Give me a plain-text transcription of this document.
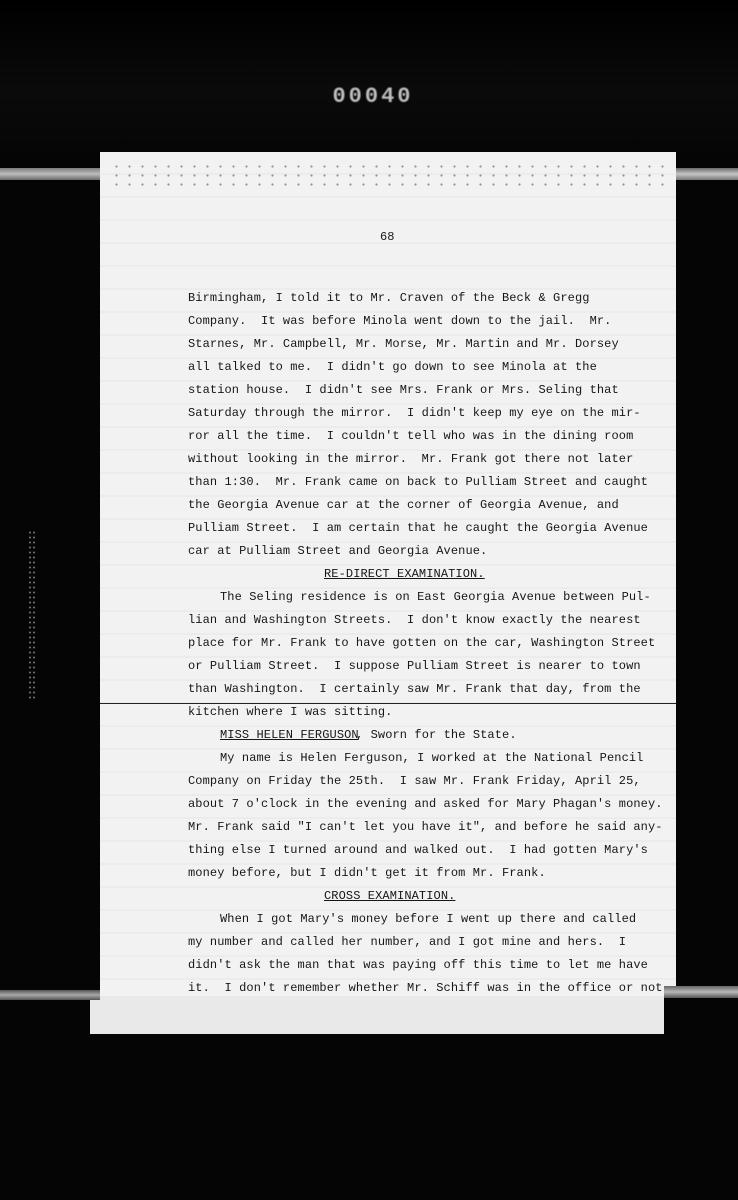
00040
68
Birmingham, I told it to Mr. Craven of the Beck & Gregg
Company.  It was before Minola went down to the jail.  Mr.
Starnes, Mr. Campbell, Mr. Morse, Mr. Martin and Mr. Dorsey
all talked to me.  I didn't go down to see Minola at the
station house.  I didn't see Mrs. Frank or Mrs. Seling that
Saturday through the mirror.  I didn't keep my eye on the mir-
ror all the time.  I couldn't tell who was in the dining room
without looking in the mirror.  Mr. Frank got there not later
than 1:30.  Mr. Frank came on back to Pulliam Street and caught
the Georgia Avenue car at the corner of Georgia Avenue, and
Pulliam Street.  I am certain that he caught the Georgia Avenue
car at Pulliam Street and Georgia Avenue.
RE-DIRECT EXAMINATION.
The Seling residence is on East Georgia Avenue between Pul-
lian and Washington Streets.  I don't know exactly the nearest
place for Mr. Frank to have gotten on the car, Washington Street
or Pulliam Street.  I suppose Pulliam Street is nearer to town
than Washington.  I certainly saw Mr. Frank that day, from the
kitchen where I was sitting.
MISS HELEN FERGUSON
, Sworn for the State.
My name is Helen Ferguson, I worked at the National Pencil
Company on Friday the 25th.  I saw Mr. Frank Friday, April 25,
about 7 o'clock in the evening and asked for Mary Phagan's money.
Mr. Frank said "I can't let you have it", and before he said any-
thing else I turned around and walked out.  I had gotten Mary's
money before, but I didn't get it from Mr. Frank.
CROSS EXAMINATION.
When I got Mary's money before I went up there and called
my number and called her number, and I got mine and hers.  I
didn't ask the man that was paying off this time to let me have
it.  I don't remember whether Mr. Schiff was in the office or not
